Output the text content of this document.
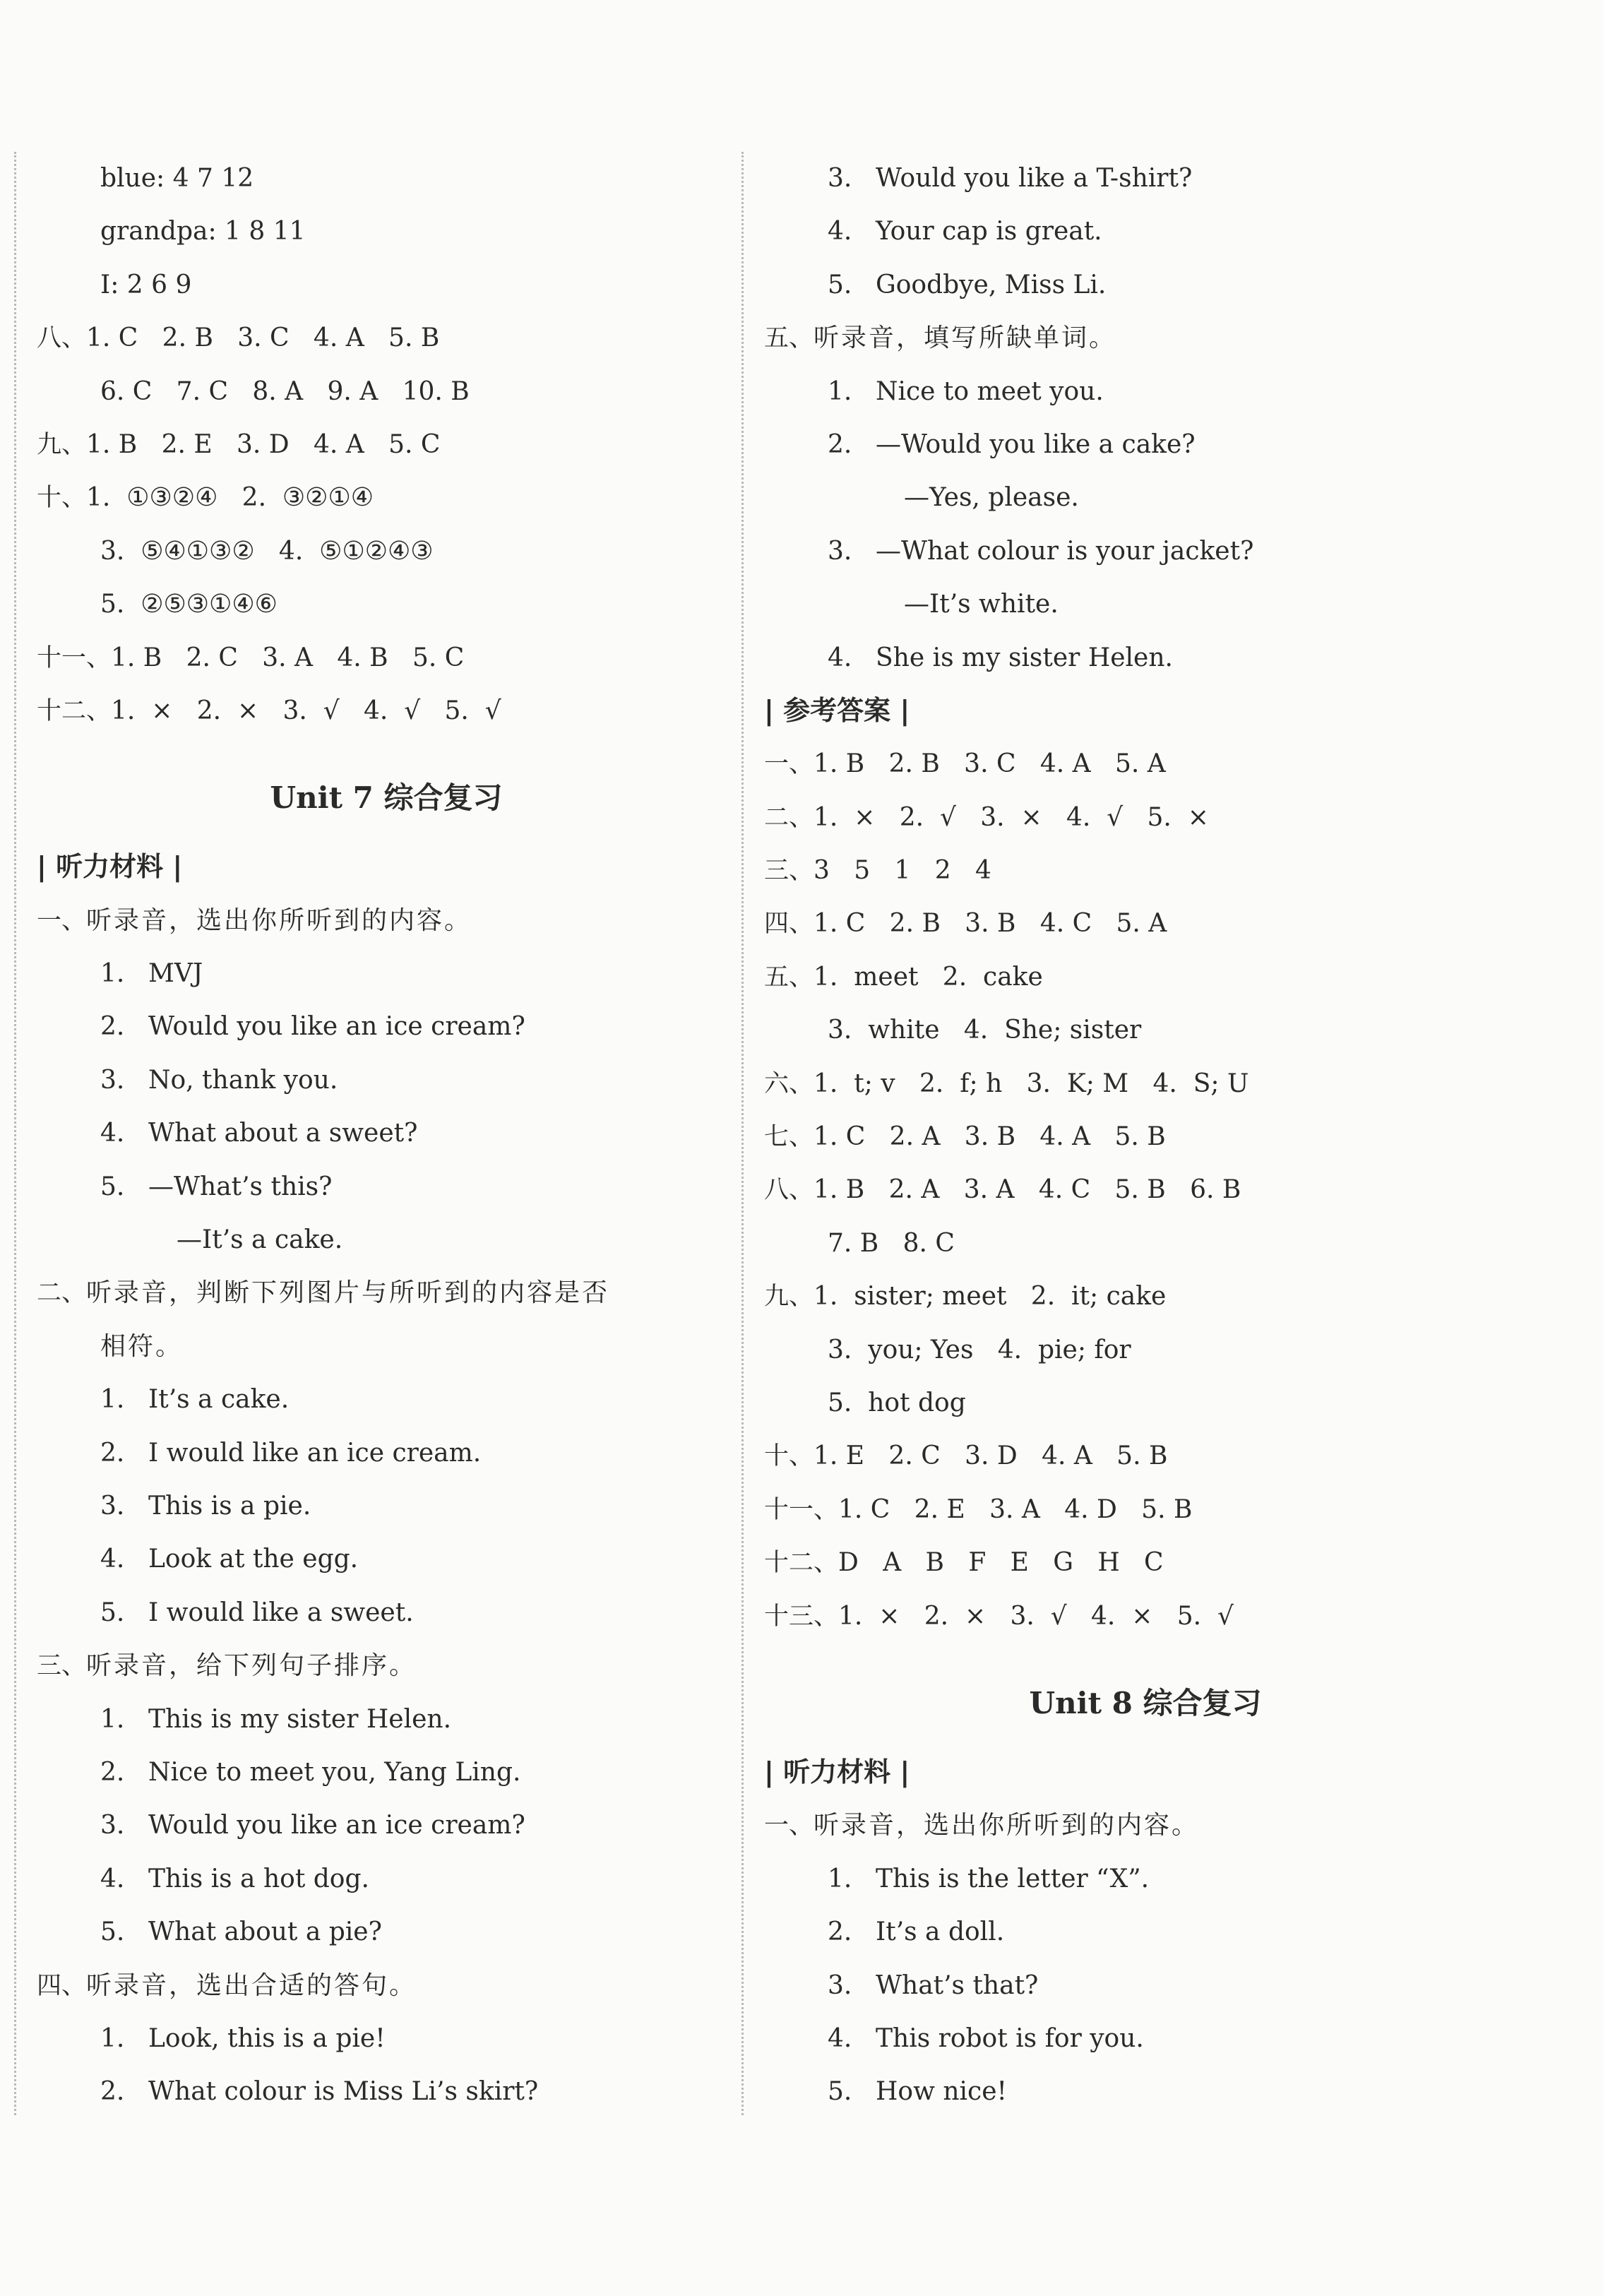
blue: 4 7 12
grandpa: 1 8 11
I: 2 6 9
八、1. C   2. B   3. C   4. A   5. B
6. C   7. C   8. A   9. A   10. B
九、1. B   2. E   3. D   4. A   5. C
十、1.  ①③②④   2.  ③②①④
3.  ⑤④①③②   4.  ⑤①②④③
5.  ②⑤③①④⑥
十一、1. B   2. C   3. A   4. B   5. C
十二、1.  ×   2.  ×   3.  √   4.  √   5.  √
Unit 7 综合复习
| 听力材料 |
一、听录音，选出你所听到的内容。
1. MVJ
2. Would you like an ice cream?
3. No, thank you.
4. What about a sweet?
5. —What’s this?
—It’s a cake.
二、听录音，判断下列图片与所听到的内容是否
相符。
1. It’s a cake.
2. I would like an ice cream.
3. This is a pie.
4. Look at the egg.
5. I would like a sweet.
三、听录音，给下列句子排序。
1. This is my sister Helen.
2. Nice to meet you, Yang Ling.
3. Would you like an ice cream?
4. This is a hot dog.
5. What about a pie?
四、听录音，选出合适的答句。
1. Look, this is a pie!
2. What colour is Miss Li’s skirt?
3. Would you like a T-shirt?
4. Your cap is great.
5. Goodbye, Miss Li.
五、听录音，填写所缺单词。
1. Nice to meet you.
2. —Would you like a cake?
—Yes, please.
3. —What colour is your jacket?
—It’s white.
4. She is my sister Helen.
| 参考答案 |
一、1. B   2. B   3. C   4. A   5. A
二、1.  ×   2.  √   3.  ×   4.  √   5.  ×
三、3   5   1   2   4
四、1. C   2. B   3. B   4. C   5. A
五、1.  meet   2.  cake
3.  white   4.  She; sister
六、1.  t; v   2.  f; h   3.  K; M   4.  S; U
七、1. C   2. A   3. B   4. A   5. B
八、1. B   2. A   3. A   4. C   5. B   6. B
7. B   8. C
九、1.  sister; meet   2.  it; cake
3.  you; Yes   4.  pie; for
5.  hot dog
十、1. E   2. C   3. D   4. A   5. B
十一、1. C   2. E   3. A   4. D   5. B
十二、D   A   B   F   E   G   H   C
十三、1.  ×   2.  ×   3.  √   4.  ×   5.  √
Unit 8 综合复习
| 听力材料 |
一、听录音，选出你所听到的内容。
1. This is the letter “X”.
2. It’s a doll.
3. What’s that?
4. This robot is for you.
5. How nice!
